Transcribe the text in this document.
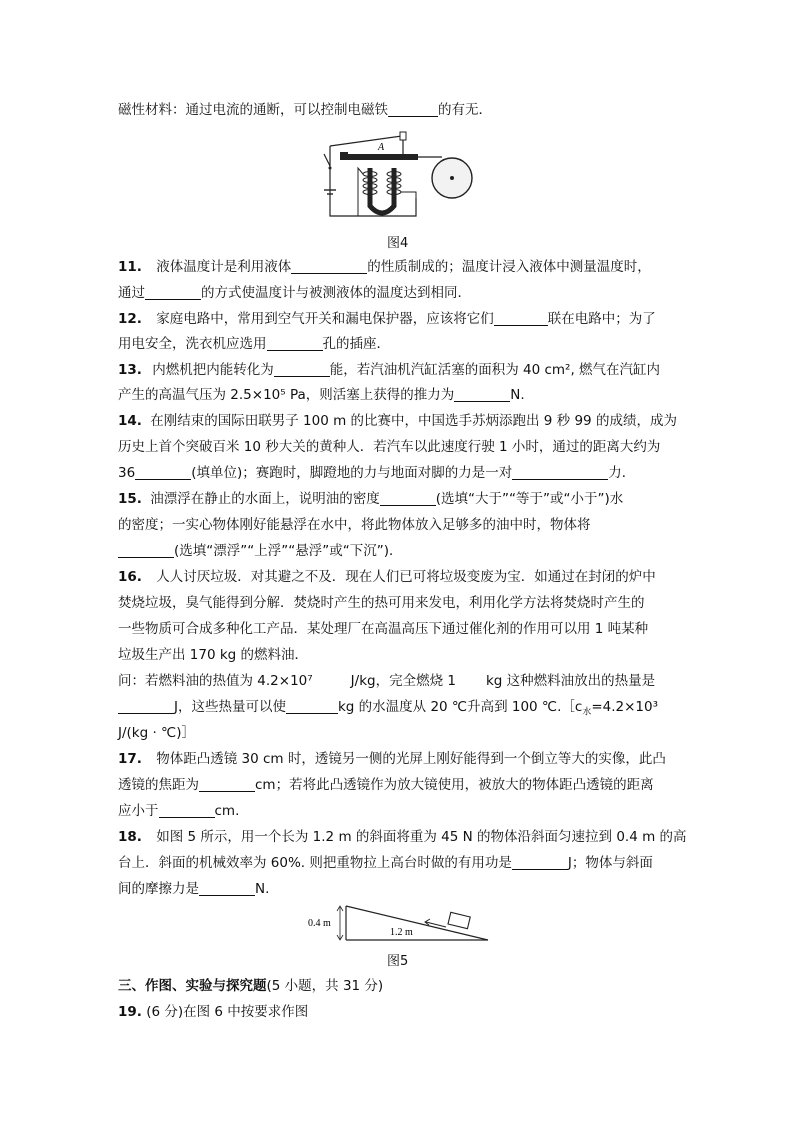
磁性材料：通过电流的通断，可以控制电磁铁	的有无．
A
图4
11. 液体温度计是利用液体	的性质制成的；温度计浸入液体中测量温度时，
通过	的方式使温度计与被测液体的温度达到相同．
12. 家庭电路中，常用到空气开关和漏电保护器，应该将它们	联在电路中；为了
用电安全，洗衣机应选用	孔的插座．
13. 内燃机把内能转化为	能，若汽油机汽缸活塞的面积为 40 cm², 燃气在汽缸内
产生的高温气压为 2.5×10⁵ Pa，则活塞上获得的推力为	N.
14. 在刚结束的国际田联男子 100 m 的比赛中，中国选手苏炳添跑出 9 秒 99 的成绩，成为
历史上首个突破百米 10 秒大关的黄种人．若汽车以此速度行驶 1 小时，通过的距离大约为
36	(填单位)；赛跑时，脚蹬地的力与地面对脚的力是一对	力．
15. 油漂浮在静止的水面上，说明油的密度	(选填“大于”“等于”或“小于”)水
的密度；一实心物体刚好能悬浮在水中，将此物体放入足够多的油中时，物体将
(选填“漂浮”“上浮”“悬浮”或“下沉”)．
16. 人人讨厌垃圾．对其避之不及．现在人们已可将垃圾变废为宝．如通过在封闭的炉中
焚烧垃圾，臭气能得到分解．焚烧时产生的热可用来发电，利用化学方法将焚烧时产生的
一些物质可合成多种化工产品．某处理厂在高温高压下通过催化剂的作用可以用 1 吨某种
垃圾生产出 170 kg 的燃料油．
问：若燃料油的热值为 4.2×10⁷	J/kg，完全燃烧 1 kg 这种燃料油放出的热量是
J，这些热量可以使	kg 的水温度从 20 ℃升高到 100 $℃.[c_水=4.2\times 10^3$
J/(kg · ℃)］
17. 物体距凸透镜 30 cm 时，透镜另一侧的光屏上刚好能得到一个倒立等大的实像，此凸
透镜的焦距为	cm；若将此凸透镜作为放大镜使用，被放大的物体距凸透镜的距离
应小于	cm.
18. 如图 5 所示，用一个长为 1.2 m 的斜面将重为 45 N 的物体沿斜面匀速拉到 0.4 m 的高
台上．斜面的机械效率为 60%. 则把重物拉上高台时做的有用功是	J；物体与斜面
间的摩擦力是	N.
0.4 m
1.2 m
图5
三、作图、实验与探究题(5 小题，共 31 分)
19. (6 分)在图 6 中按要求作图
